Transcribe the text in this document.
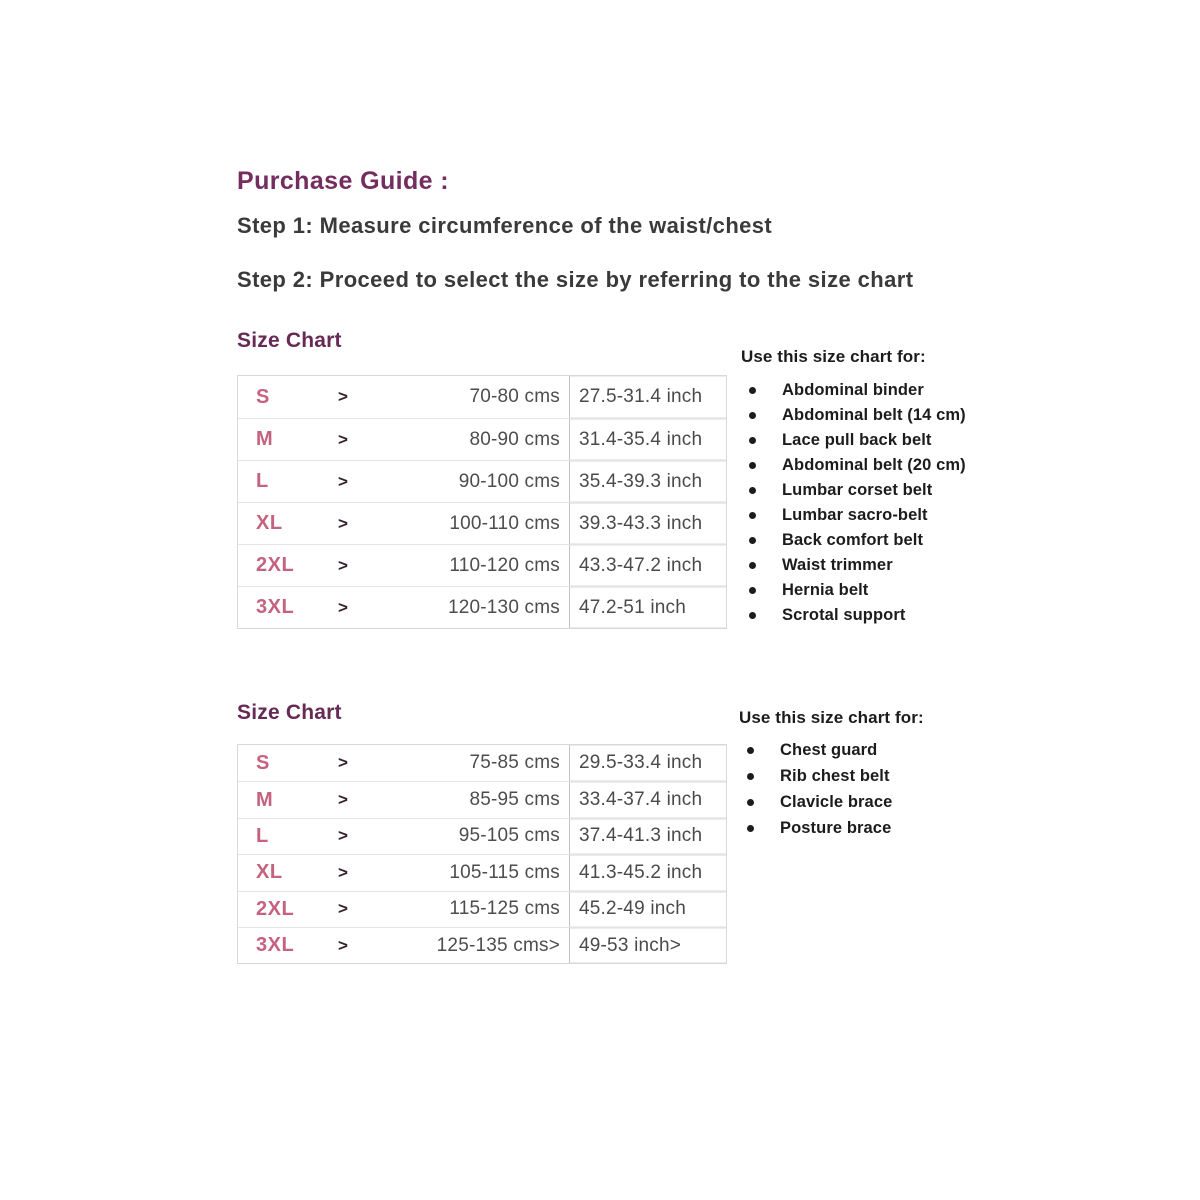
Purchase Guide :
Step 1: Measure circumference of the waist/chest
Step 2: Proceed to select the size by referring to the size chart
Size Chart
S	>	70-80 cms	27.5-31.4 inch
M	>	80-90 cms	31.4-35.4 inch
L	>	90-100 cms	35.4-39.3 inch
XL	>	100-110 cms	39.3-43.3 inch
2XL	>	110-120 cms	43.3-47.2 inch
3XL	>	120-130 cms	47.2-51 inch
Use this size chart for:
Abdominal binder
Abdominal belt (14 cm)
Lace pull back belt
Abdominal belt (20 cm)
Lumbar corset belt
Lumbar sacro-belt
Back comfort belt
Waist trimmer
Hernia belt
Scrotal support
Size Chart
S	>	75-85 cms	29.5-33.4 inch
M	>	85-95 cms	33.4-37.4 inch
L	>	95-105 cms	37.4-41.3 inch
XL	>	105-115 cms	41.3-45.2 inch
2XL	>	115-125 cms	45.2-49 inch
3XL	>	125-135 cms>	49-53 inch>
Use this size chart for:
Chest guard
Rib chest belt
Clavicle brace
Posture brace
